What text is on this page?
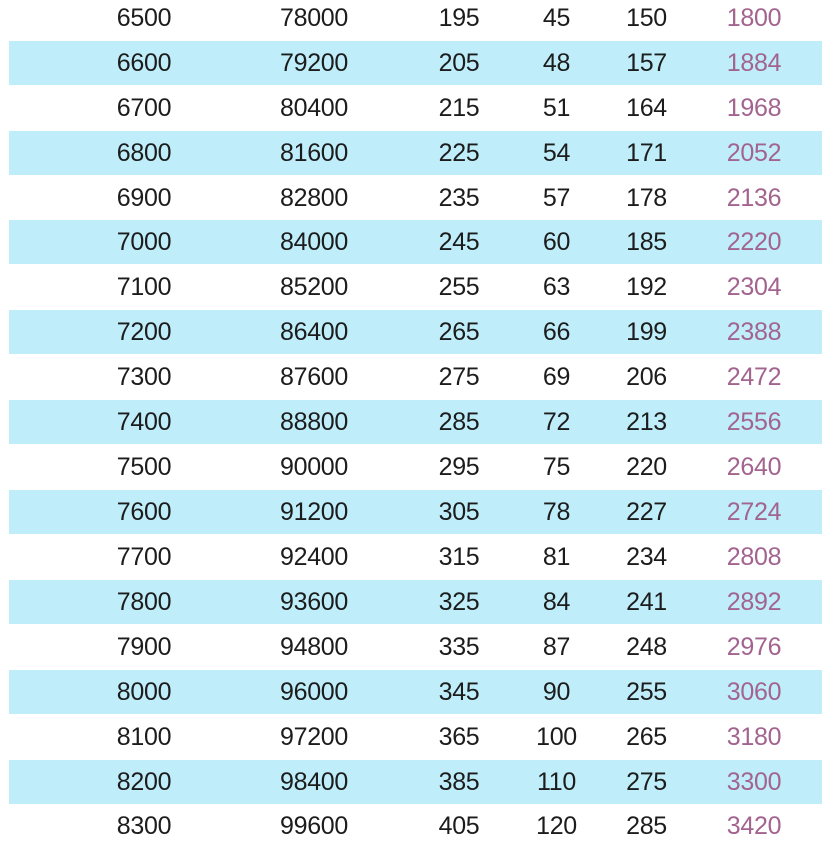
6500	78000	195	45	150	1800
6600	79200	205	48	157	1884
6700	80400	215	51	164	1968
6800	81600	225	54	171	2052
6900	82800	235	57	178	2136
7000	84000	245	60	185	2220
7100	85200	255	63	192	2304
7200	86400	265	66	199	2388
7300	87600	275	69	206	2472
7400	88800	285	72	213	2556
7500	90000	295	75	220	2640
7600	91200	305	78	227	2724
7700	92400	315	81	234	2808
7800	93600	325	84	241	2892
7900	94800	335	87	248	2976
8000	96000	345	90	255	3060
8100	97200	365	100	265	3180
8200	98400	385	110	275	3300
8300	99600	405	120	285	3420
